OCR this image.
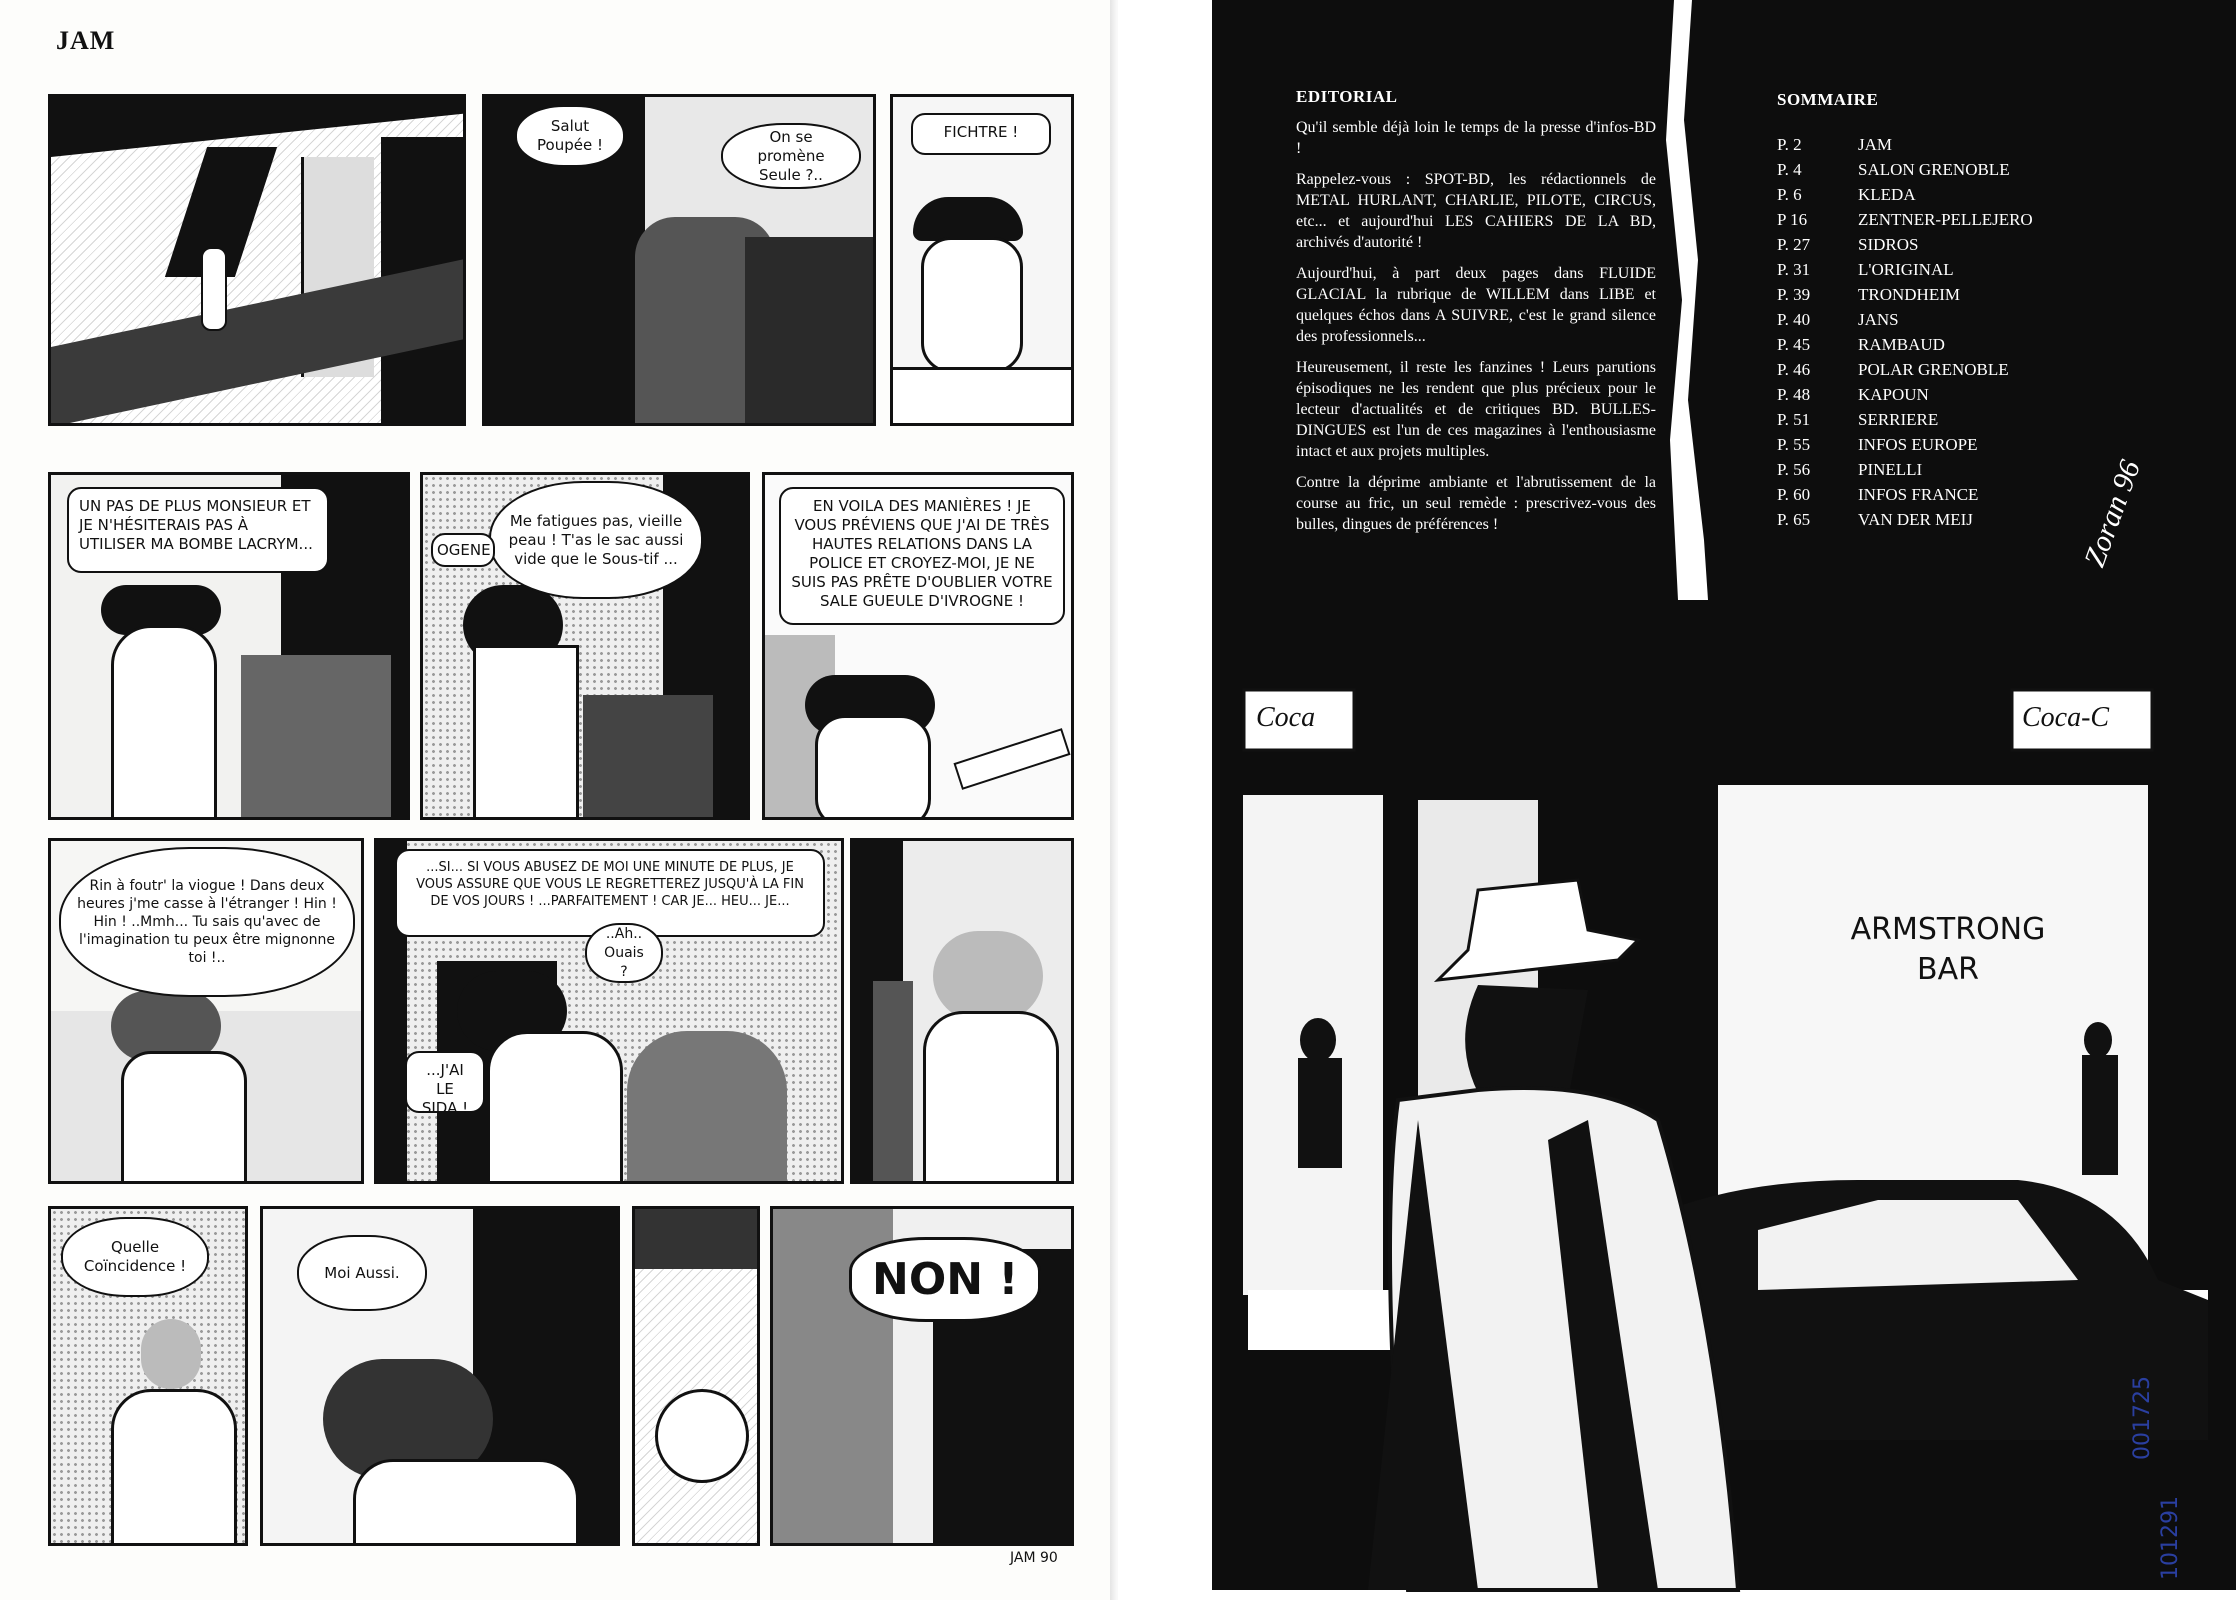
JAM
Salut Poupée !	On se promène Seule ?..
FICHTRE !
UN PAS DE PLUS MONSIEUR ET JE N'HÉSITERAIS PAS À UTILISER MA BOMBE LACRYM...
Me fatigues pas, vieille peau ! T'as le sac aussi vide que le Sous-tif ...
OGENE
EN VOILA DES MANIÈRES ! JE VOUS PRÉVIENS QUE J'AI DE TRÈS HAUTES RELATIONS DANS LA POLICE ET CROYEZ-MOI, JE NE SUIS PAS PRÊTE D'OUBLIER VOTRE SALE GUEULE D'IVROGNE !
Rin à foutr' la viogue ! Dans deux heures j'me casse à l'étranger ! Hin ! Hin ! ..Mmh... Tu sais qu'avec de l'imagination tu peux être mignonne toi !..
...SI... SI VOUS ABUSEZ DE MOI UNE MINUTE DE PLUS, JE VOUS ASSURE QUE VOUS LE REGRETTEREZ JUSQU'À LA FIN DE VOS JOURS ! ...PARFAITEMENT ! CAR JE... HEU... JE...
..Ah.. Ouais ?
...J'AI LE SIDA !
Quelle Coïncidence !	Moi Aussi.	NON !
JAM 90
Coca	Coca-C
ARMSTRONG BAR
Zoran 96
001725
101291
EDITORIAL

Qu'il semble déjà loin le temps de la presse d'infos-BD !

Rappelez-vous : SPOT-BD, les rédactionnels de METAL HURLANT, CHARLIE, PILOTE, CIRCUS, etc... et aujourd'hui LES CAHIERS DE LA BD, archivés d'autorité !

Aujourd'hui, à part deux pages dans FLUIDE GLACIAL la rubrique de WILLEM dans LIBE et quelques échos dans A SUIVRE, c'est le grand silence des professionnels...

Heureusement, il reste les fanzines ! Leurs parutions épisodiques ne les rendent que plus précieux pour le lecteur d'actualités et de critiques BD. BULLES-DINGUES est l'un de ces magazines à l'enthousiasme intact et aux projets multiples.

Contre la déprime ambiante et l'abrutissement de la course au fric, un seul remède : prescrivez-vous des bulles, dingues de préférences !

SOMMAIRE
P. 2	JAM
P. 4	SALON GRENOBLE
P. 6	KLEDA
P 16	ZENTNER-PELLEJERO
P. 27	SIDROS
P. 31	L'ORIGINAL
P. 39	TRONDHEIM
P. 40	JANS
P. 45	RAMBAUD
P. 46	POLAR GRENOBLE
P. 48	KAPOUN
P. 51	SERRIERE
P. 55	INFOS EUROPE
P. 56	PINELLI
P. 60	INFOS FRANCE
P. 65	VAN DER MEIJ
